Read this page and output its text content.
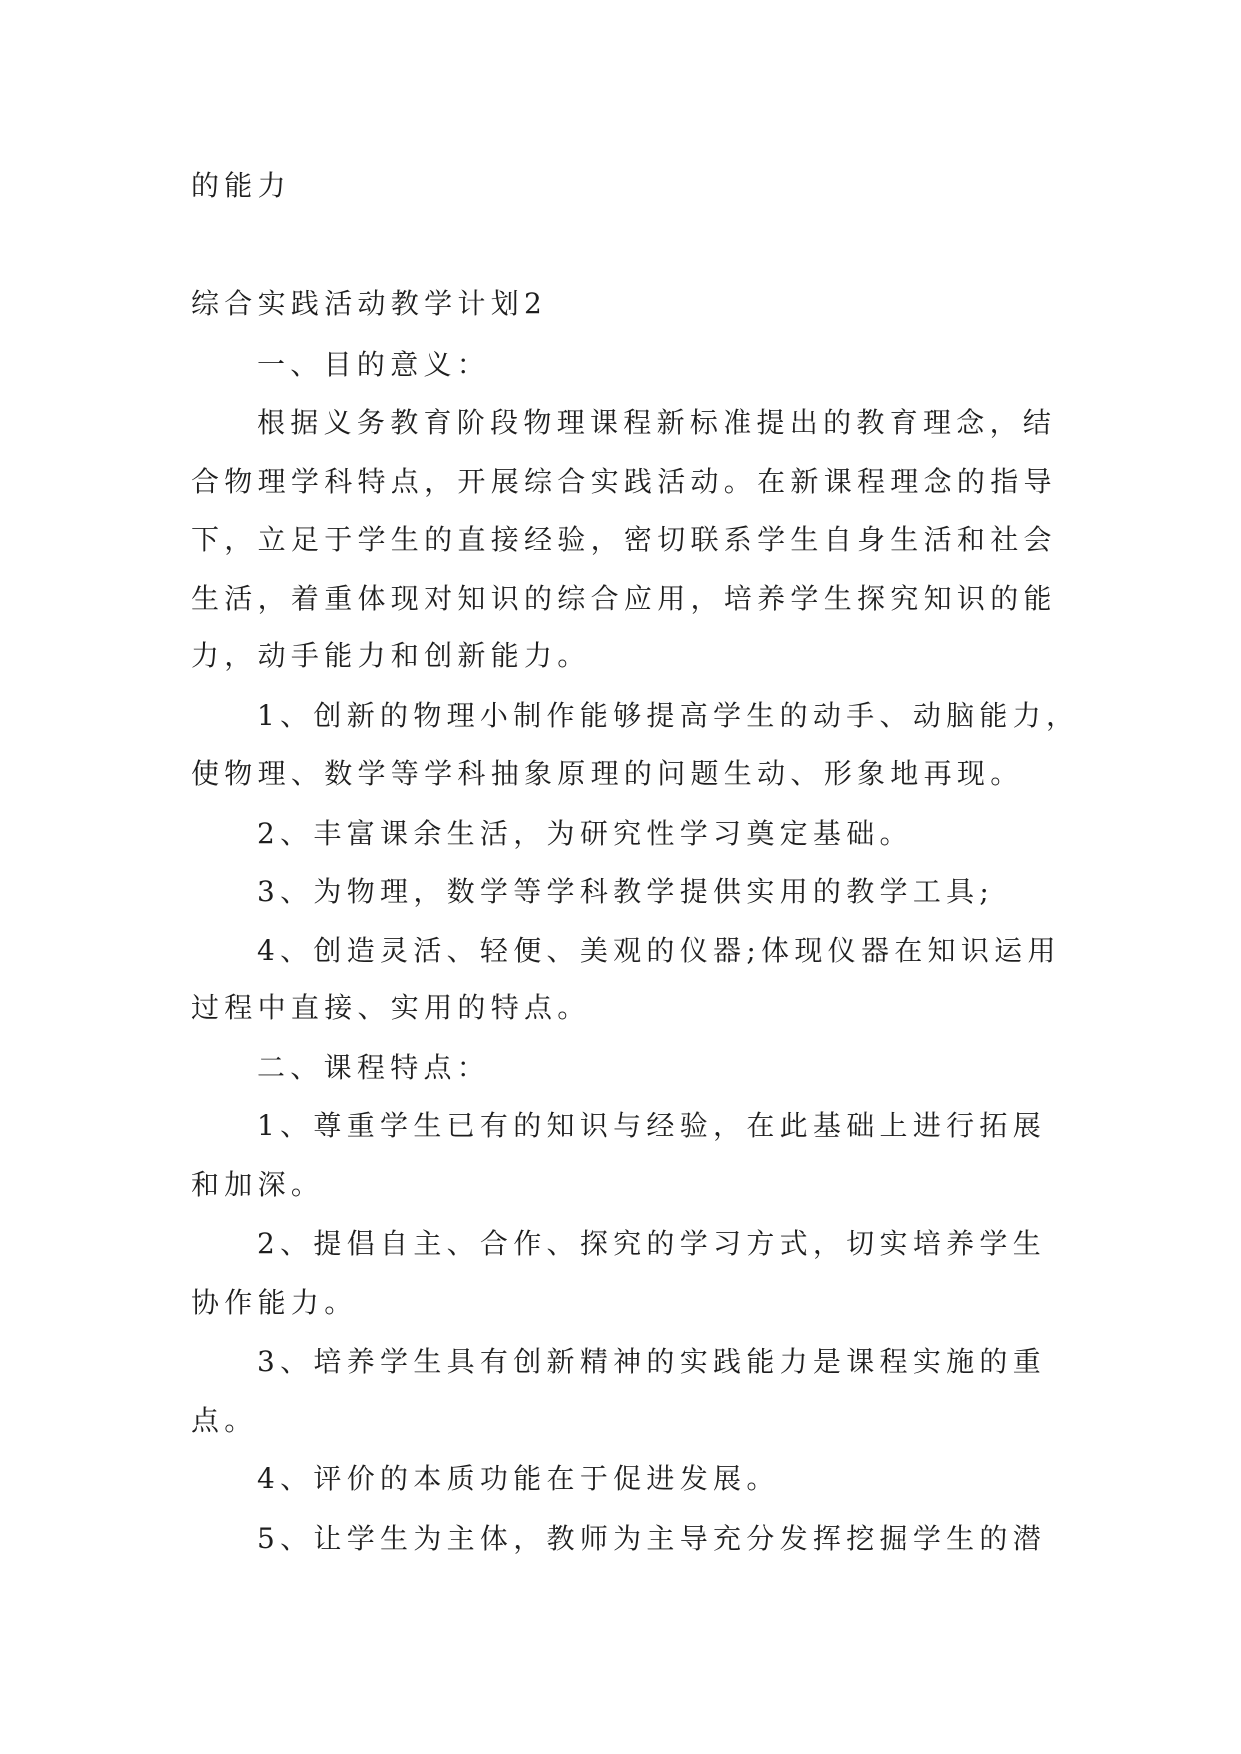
的能力
综合实践活动教学计划2
一、目的意义：
根据义务教育阶段物理课程新标准提出的教育理念，结
合物理学科特点，开展综合实践活动。在新课程理念的指导
下，立足于学生的直接经验，密切联系学生自身生活和社会
生活，着重体现对知识的综合应用，培养学生探究知识的能
力，动手能力和创新能力。
1、创新的物理小制作能够提高学生的动手、动脑能力，
使物理、数学等学科抽象原理的问题生动、形象地再现。
2、丰富课余生活，为研究性学习奠定基础。
3、为物理，数学等学科教学提供实用的教学工具;
4、创造灵活、轻便、美观的仪器;体现仪器在知识运用
过程中直接、实用的特点。
二、课程特点：
1、尊重学生已有的知识与经验，在此基础上进行拓展
和加深。
2、提倡自主、合作、探究的学习方式，切实培养学生
协作能力。
3、培养学生具有创新精神的实践能力是课程实施的重
点。
4、评价的本质功能在于促进发展。
5、让学生为主体，教师为主导充分发挥挖掘学生的潜
